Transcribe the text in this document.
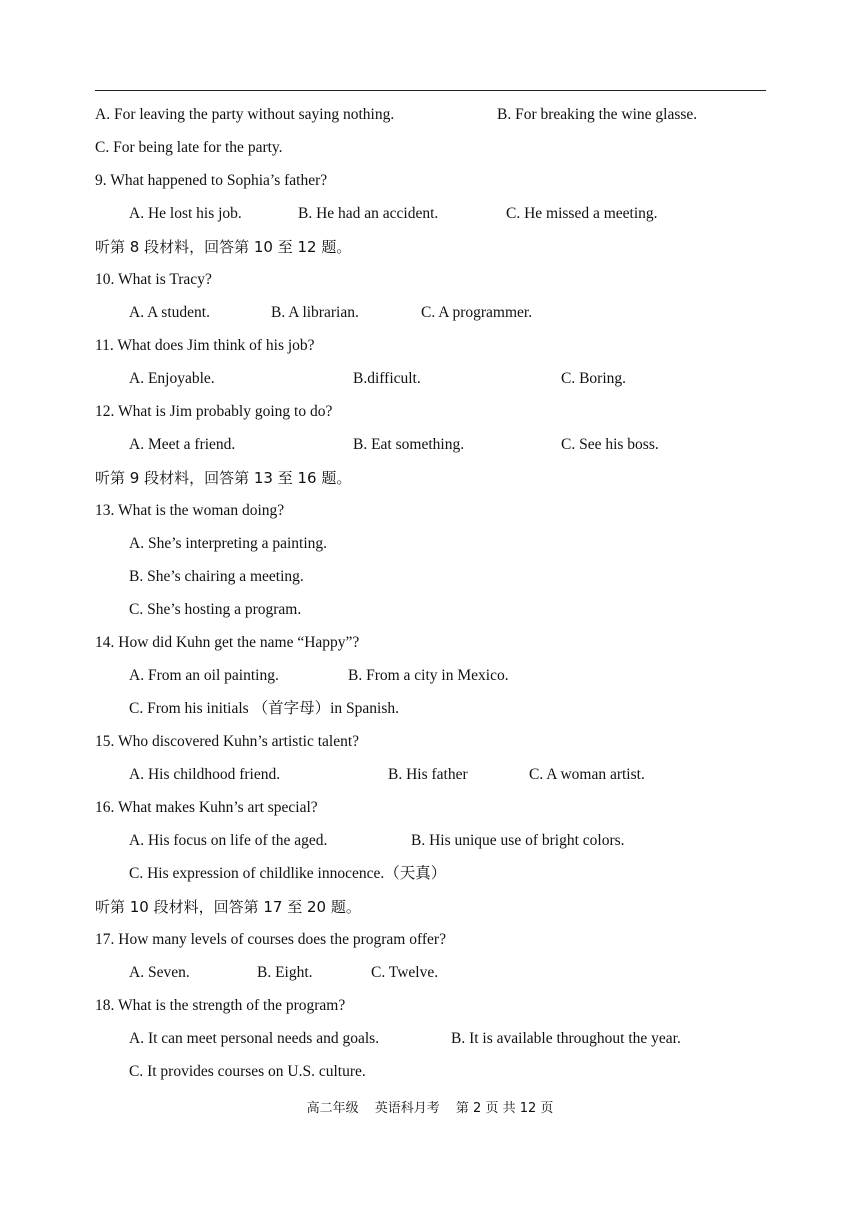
A. For leaving the party without saying nothing.	B. For breaking the wine glasse.
C. For being late for the party.
9. What happened to Sophia’s father?
A. He lost his job.	B. He had an accident.	C. He missed a meeting.
听第 8 段材料，回答第 10 至 12 题。
10. What is Tracy?
A. A student.	B. A librarian.	C. A programmer.
11. What does Jim think of his job?
A. Enjoyable.	B.difficult.	C. Boring.
12. What is Jim probably going to do?
A. Meet a friend.	B. Eat something.	C. See his boss.
听第 9 段材料，回答第 13 至 16 题。
13. What is the woman doing?
A. She’s interpreting a painting.
B. She’s chairing a meeting.
C. She’s hosting a program.
14. How did Kuhn get the name “Happy”?
A. From an oil painting.	B. From a city in Mexico.
C. From his initials （首字母）in Spanish.
15. Who discovered Kuhn’s artistic talent?
A. His childhood friend.	B. His father	C. A woman artist.
16. What makes Kuhn’s art special?
A. His focus on life of the aged.	B. His unique use of bright colors.
C. His expression of childlike innocence.（天真）
听第 10 段材料，回答第 17 至 20 题。
17. How many levels of courses does the program offer?
A. Seven.	B. Eight.	C. Twelve.
18. What is the strength of the program?
A. It can meet personal needs and goals.	B. It is available throughout the year.
C. It provides courses on U.S. culture.
高二年级 英语科月考 第 2 页 共 12 页
